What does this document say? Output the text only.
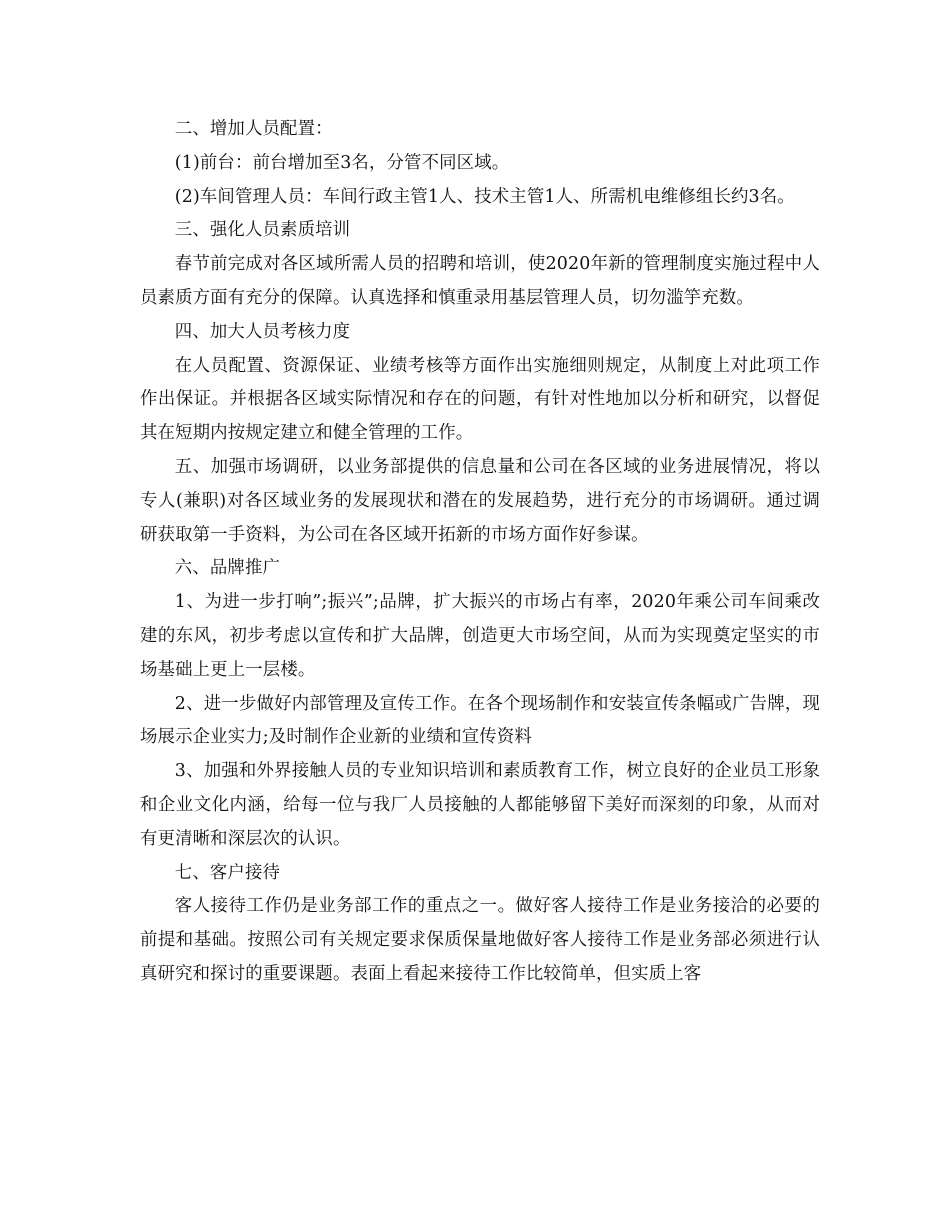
二、增加人员配置：

(1)前台：前台增加至3名，分管不同区域。

(2)车间管理人员：车间行政主管1人、技术主管1人、所需机电维修组长约3名。

三、强化人员素质培训

春节前完成对各区域所需人员的招聘和培训，使2020年新的管理制度实施过程中人员素质方面有充分的保障。认真选择和慎重录用基层管理人员，切勿滥竽充数。

四、加大人员考核力度

在人员配置、资源保证、业绩考核等方面作出实施细则规定，从制度上对此项工作作出保证。并根据各区域实际情况和存在的问题，有针对性地加以分析和研究，以督促其在短期内按规定建立和健全管理的工作。

五、加强市场调研，以业务部提供的信息量和公司在各区域的业务进展情况，将以专人(兼职)对各区域业务的发展现状和潜在的发展趋势，进行充分的市场调研。通过调研获取第一手资料，为公司在各区域开拓新的市场方面作好参谋。

六、品牌推广

1、为进一步打响”;振兴”;品牌，扩大振兴的市场占有率，2020年乘公司车间乘改建的东风，初步考虑以宣传和扩大品牌，创造更大市场空间，从而为实现奠定坚实的市场基础上更上一层楼。

2、进一步做好内部管理及宣传工作。在各个现场制作和安装宣传条幅或广告牌，现场展示企业实力;及时制作企业新的业绩和宣传资料

3、加强和外界接触人员的专业知识培训和素质教育工作，树立良好的企业员工形象和企业文化内涵，给每一位与我厂人员接触的人都能够留下美好而深刻的印象，从而对有更清晰和深层次的认识。

七、客户接待

客人接待工作仍是业务部工作的重点之一。做好客人接待工作是业务接洽的必要的前提和基础。按照公司有关规定要求保质保量地做好客人接待工作是业务部必须进行认真研究和探讨的重要课题。表面上看起来接待工作比较简单，但实质上客
